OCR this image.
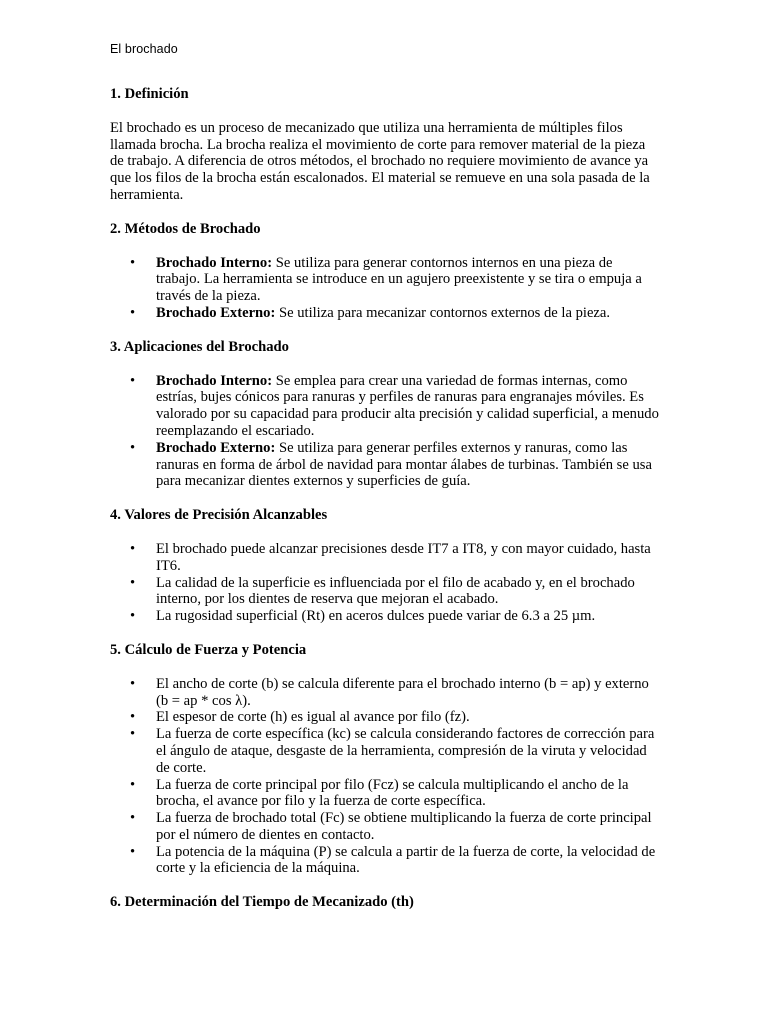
El brochado
1. Definición

El brochado es un proceso de mecanizado que utiliza una herramienta de múltiples filos llamada brocha. La brocha realiza el movimiento de corte para remover material de la pieza de trabajo. A diferencia de otros métodos, el brochado no requiere movimiento de avance ya que los filos de la brocha están escalonados. El material se remueve en una sola pasada de la herramienta.

2. Métodos de Brochado
• Brochado Interno: Se utiliza para generar contornos internos en una pieza de trabajo. La herramienta se introduce en un agujero preexistente y se tira o empuja a través de la pieza.
• Brochado Externo: Se utiliza para mecanizar contornos externos de la pieza.
3. Aplicaciones del Brochado
• Brochado Interno: Se emplea para crear una variedad de formas internas, como estrías, bujes cónicos para ranuras y perfiles de ranuras para engranajes móviles. Es valorado por su capacidad para producir alta precisión y calidad superficial, a menudo reemplazando el escariado.
• Brochado Externo: Se utiliza para generar perfiles externos y ranuras, como las ranuras en forma de árbol de navidad para montar álabes de turbinas. También se usa para mecanizar dientes externos y superficies de guía.
4. Valores de Precisión Alcanzables
• El brochado puede alcanzar precisiones desde IT7 a IT8, y con mayor cuidado, hasta IT6.
• La calidad de la superficie es influenciada por el filo de acabado y, en el brochado interno, por los dientes de reserva que mejoran el acabado.
• La rugosidad superficial (Rt) en aceros dulces puede variar de 6.3 a 25 µm.
5. Cálculo de Fuerza y Potencia
• El ancho de corte (b) se calcula diferente para el brochado interno (b = ap) y externo (b = ap * cos λ).
• El espesor de corte (h) es igual al avance por filo (fz).
• La fuerza de corte específica (kc) se calcula considerando factores de corrección para el ángulo de ataque, desgaste de la herramienta, compresión de la viruta y velocidad de corte.
• La fuerza de corte principal por filo (Fcz) se calcula multiplicando el ancho de la brocha, el avance por filo y la fuerza de corte específica.
• La fuerza de brochado total (Fc) se obtiene multiplicando la fuerza de corte principal por el número de dientes en contacto.
• La potencia de la máquina (P) se calcula a partir de la fuerza de corte, la velocidad de corte y la eficiencia de la máquina.
6. Determinación del Tiempo de Mecanizado (th)
